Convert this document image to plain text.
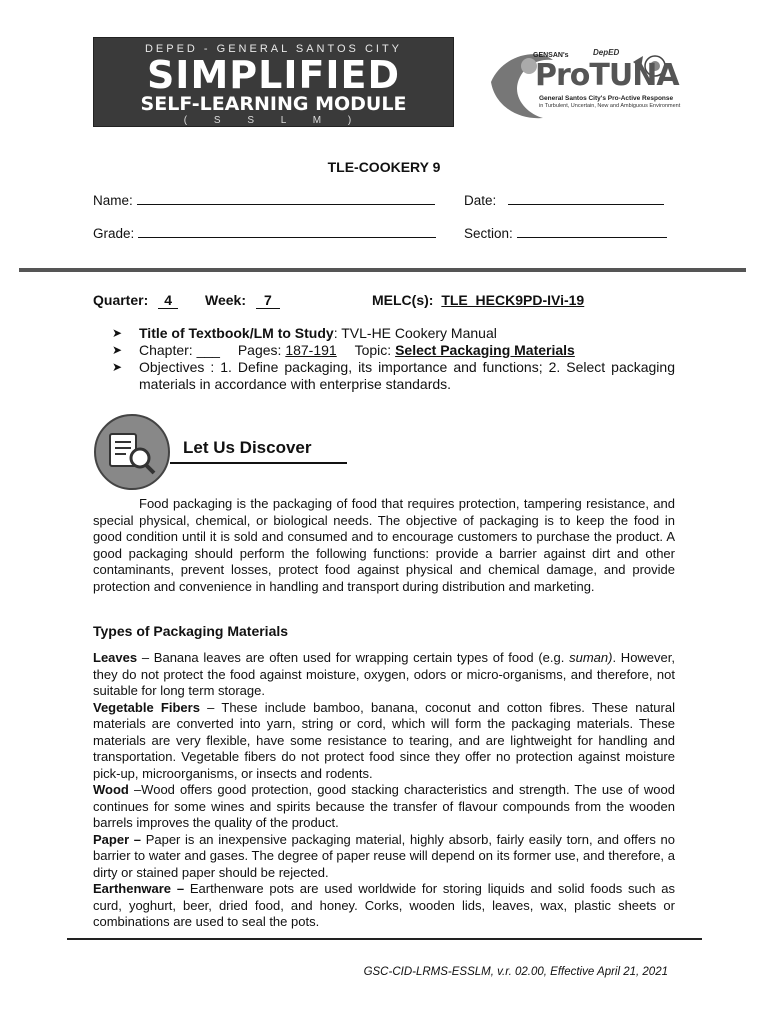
DEPED - GENERAL SANTOS CITY
SIMPLIFIED
SELF-LEARNING MODULE
( S S L M )
GENSAN's	DepED
ProTUNA
General Santos City's Pro-Active Response
in Turbulent, Uncertain, New and Ambiguous Environment
TLE-COOKERY 9
Name:	Date:
Grade:	Section:
Quarter: 4	Week: 7	MELC(s): TLE_HECK9PD-IVi-19
➤ Title of Textbook/LM to Study: TVL-HE Cookery Manual
➤ Chapter: ___ Pages: 187-191 Topic: Select Packaging Materials
➤ Objectives : 1. Define packaging, its importance and functions; 2. Select packaging materials in accordance with enterprise standards.
Let Us Discover
Food packaging is the packaging of food that requires protection, tampering resistance, and special physical, chemical, or biological needs. The objective of packaging is to keep the food in good condition until it is sold and consumed and to encourage customers to purchase the product. A good packaging should perform the following functions: provide a barrier against dirt and other contaminants, prevent losses, protect food against physical and chemical damage, and provide protection and convenience in handling and transport during distribution and marketing.
Types of Packaging Materials
Leaves – Banana leaves are often used for wrapping certain types of food (e.g. suman). However, they do not protect the food against moisture, oxygen, odors or micro-organisms, and therefore, not suitable for long term storage.
Vegetable Fibers – These include bamboo, banana, coconut and cotton fibres. These natural materials are converted into yarn, string or cord, which will form the packaging materials. These materials are very flexible, have some resistance to tearing, and are lightweight for handling and transportation. Vegetable fibers do not protect food since they offer no protection against moisture pick-up, microorganisms, or insects and rodents.
Wood –Wood offers good protection, good stacking characteristics and strength. The use of wood continues for some wines and spirits because the transfer of flavour compounds from the wooden barrels improves the quality of the product.
Paper – Paper is an inexpensive packaging material, highly absorb, fairly easily torn, and offers no barrier to water and gases. The degree of paper reuse will depend on its former use, and therefore, a dirty or stained paper should be rejected.
Earthenware – Earthenware pots are used worldwide for storing liquids and solid foods such as curd, yoghurt, beer, dried food, and honey. Corks, wooden lids, leaves, wax, plastic sheets or combinations are used to seal the pots.
GSC-CID-LRMS-ESSLM, v.r. 02.00, Effective April 21, 2021
